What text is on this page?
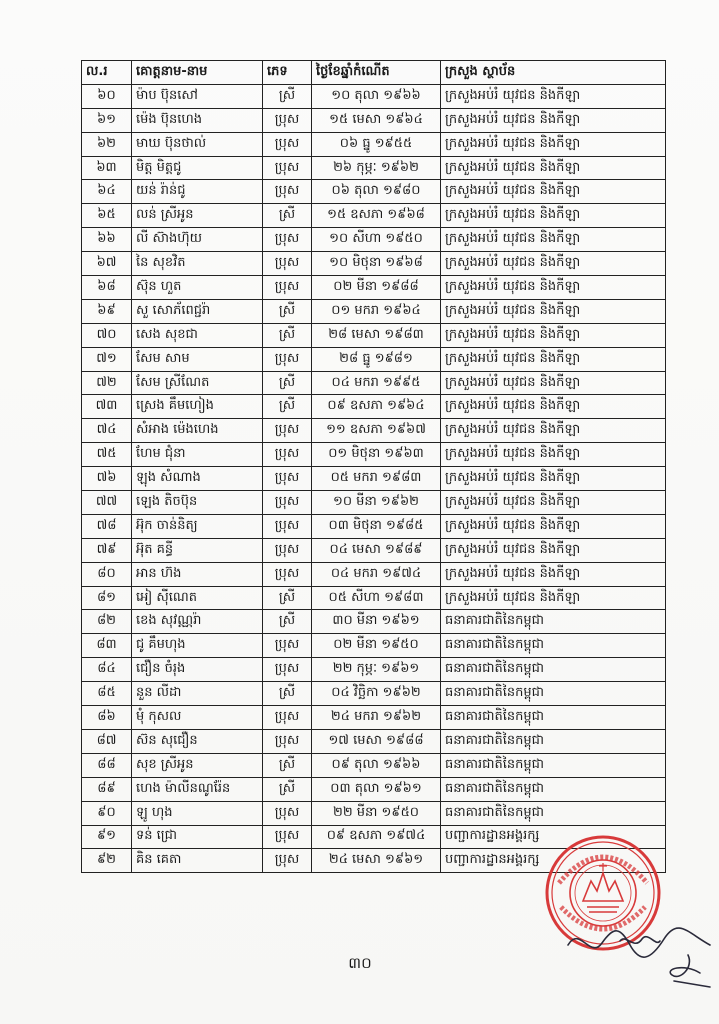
ល.រ	គោត្តនាម-នាម	ភេទ	ថ្ងៃខែឆ្នាំកំណើត	ក្រសួង ស្ថាប័ន
៦០	ម៉ាប ប៊ុនសៅ	ស្រី	១០ តុលា ១៩៦៦	ក្រសួងអប់រំ យុវជន និងកីឡា
៦១	ម៉េង ប៊ុនហេង	ប្រុស	១៥ មេសា ១៩៦៤	ក្រសួងអប់រំ យុវជន និងកីឡា
៦២	មាឃ ប៊ុនថាល់	ប្រុស	០៦ ធ្នូ ១៩៥៥	ក្រសួងអប់រំ យុវជន និងកីឡា
៦៣	មិត្ត មិត្តជូ	ប្រុស	២៦ កុម្ភៈ ១៩៦២	ក្រសួងអប់រំ យុវជន និងកីឡា
៦៤	យន់ រ៉ាន់ជូ	ប្រុស	០៦ តុលា ១៩៨០	ក្រសួងអប់រំ យុវជន និងកីឡា
៦៥	លន់ ស្រីអូន	ស្រី	១៥ ឧសភា ១៩៦៨	ក្រសួងអប់រំ យុវជន និងកីឡា
៦៦	លី ស៊ាងហ៊ុយ	ប្រុស	១០ សីហា ១៩៥០	ក្រសួងអប់រំ យុវជន និងកីឡា
៦៧	នៃ សុខវិត	ប្រុស	១០ មិថុនា ១៩៦៨	ក្រសួងអប់រំ យុវជន និងកីឡា
៦៨	ស៊ុន ហួត	ប្រុស	០២ មីនា ១៩៨៨	ក្រសួងអប់រំ យុវជន និងកីឡា
៦៩	សួ សោភ័ពេជ្ជរ៉ា	ស្រី	០១ មករា ១៩៦៤	ក្រសួងអប់រំ យុវជន និងកីឡា
៧០	សេង សុខជា	ស្រី	២៨ មេសា ១៩៨៣	ក្រសួងអប់រំ យុវជន និងកីឡា
៧១	សែម សាម	ប្រុស	២៨ ធ្នូ ១៩៨១	ក្រសួងអប់រំ យុវជន និងកីឡា
៧២	សែម ស្រីណែត	ស្រី	០៤ មករា ១៩៩៥	ក្រសួងអប់រំ យុវជន និងកីឡា
៧៣	ស្រេង គឹមហៀង	ស្រី	០៩ ឧសភា ១៩៦៤	ក្រសួងអប់រំ យុវជន និងកីឡា
៧៤	សំអាង ម៉េងហេង	ប្រុស	១១ ឧសភា ១៩៦៧	ក្រសួងអប់រំ យុវជន និងកីឡា
៧៥	ហែម ជុំនា	ប្រុស	០១ មិថុនា ១៩៦៣	ក្រសួងអប់រំ យុវជន និងកីឡា
៧៦	ឡុង សំណាង	ប្រុស	០៥ មករា ១៩៨៣	ក្រសួងអប់រំ យុវជន និងកីឡា
៧៧	ឡេង តិចប៊ុន	ប្រុស	១០ មីនា ១៩៦២	ក្រសួងអប់រំ យុវជន និងកីឡា
៧៨	អ៊ុក ចាន់និត្យ	ប្រុស	០៣ មិថុនា ១៩៨៥	ក្រសួងអប់រំ យុវជន និងកីឡា
៧៩	អ៊ុត គន្ធី	ប្រុស	០៤ មេសា ១៩៨៩	ក្រសួងអប់រំ យុវជន និងកីឡា
៨០	អាន ហ៊ង	ប្រុស	០៤ មករា ១៩៧៤	ក្រសួងអប់រំ យុវជន និងកីឡា
៨១	អៀ ស៊ីណេត	ស្រី	០៥ សីហា ១៩៨៣	ក្រសួងអប់រំ យុវជន និងកីឡា
៨២	ខេង សុវណ្ណរ៉ា	ស្រី	៣០ មីនា ១៩៦១	ធនាគារជាតិនៃកម្ពុជា
៨៣	ជូ គឹមហុង	ប្រុស	០២ មីនា ១៩៥០	ធនាគារជាតិនៃកម្ពុជា
៨៤	ជឿន ចំរុង	ប្រុស	២២ កុម្ភៈ ១៩៦១	ធនាគារជាតិនៃកម្ពុជា
៨៥	នួន លីដា	ស្រី	០៤ វិច្ឆិកា ១៩៦២	ធនាគារជាតិនៃកម្ពុជា
៨៦	មុំ កុសល	ប្រុស	២៤ មករា ១៩៦២	ធនាគារជាតិនៃកម្ពុជា
៨៧	ស៊ន សុជឿន	ប្រុស	១៧ មេសា ១៩៨៨	ធនាគារជាតិនៃកម្ពុជា
៨៨	សុខ ស្រីអូន	ស្រី	០៩ តុលា ១៩៦៦	ធនាគារជាតិនៃកម្ពុជា
៨៩	ហេង ម៉ាលីនណូរ៉ែន	ស្រី	០៣ តុលា ១៩៦១	ធនាគារជាតិនៃកម្ពុជា
៩០	ឡូ ហុង	ប្រុស	២២ មីនា ១៩៥០	ធនាគារជាតិនៃកម្ពុជា
៩១	ទន់ ជ្រោ	ប្រុស	០៩ ឧសភា ១៩៧៤	បញ្ជាការដ្ឋានអង្គរក្ស
៩២	គិន គេតា	ប្រុស	២៤ មេសា ១៩៦១	បញ្ជាការដ្ឋានអង្គរក្ស
៣០
